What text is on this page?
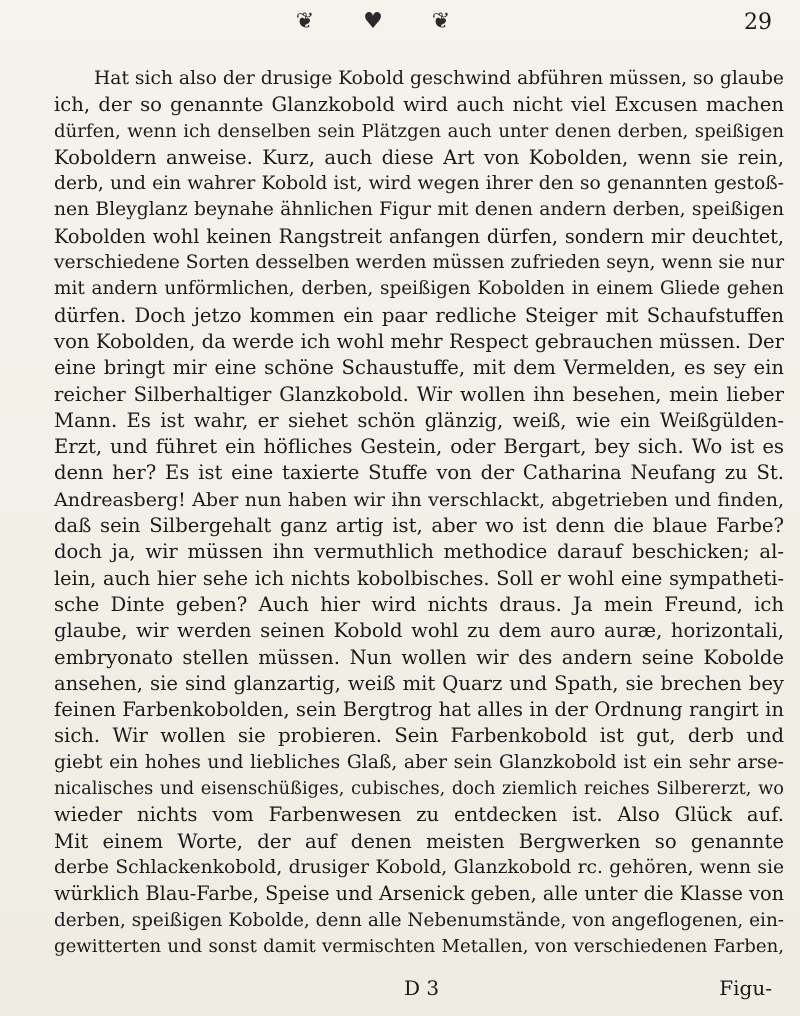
❦	♥	❦	29
Hat sich also der drusige Kobold geschwind abführen müssen, so glaube
ich, der so genannte Glanzkobold wird auch nicht viel Excusen machen
dürfen, wenn ich denselben sein Plätzgen auch unter denen derben, speißigen
Koboldern anweise. Kurz, auch diese Art von Kobolden, wenn sie rein,
derb, und ein wahrer Kobold ist, wird wegen ihrer den so genannten gestoß-
nen Bleyglanz beynahe ähnlichen Figur mit denen andern derben, speißigen
Kobolden wohl keinen Rangstreit anfangen dürfen, sondern mir deuchtet,
verschiedene Sorten desselben werden müssen zufrieden seyn, wenn sie nur
mit andern unförmlichen, derben, speißigen Kobolden in einem Gliede gehen
dürfen. Doch jetzo kommen ein paar redliche Steiger mit Schaufstuffen
von Kobolden, da werde ich wohl mehr Respect gebrauchen müssen. Der
eine bringt mir eine schöne Schaustuffe, mit dem Vermelden, es sey ein
reicher Silberhaltiger Glanzkobold. Wir wollen ihn besehen, mein lieber
Mann. Es ist wahr, er siehet schön glänzig, weiß, wie ein Weißgülden-
Erzt, und führet ein höfliches Gestein, oder Bergart, bey sich. Wo ist es
denn her? Es ist eine taxierte Stuffe von der Catharina Neufang zu St.
Andreasberg! Aber nun haben wir ihn verschlackt, abgetrieben und finden,
daß sein Silbergehalt ganz artig ist, aber wo ist denn die blaue Farbe?
doch ja, wir müssen ihn vermuthlich methodice darauf beschicken; al-
lein, auch hier sehe ich nichts kobolbisches. Soll er wohl eine sympatheti-
sche Dinte geben? Auch hier wird nichts draus. Ja mein Freund, ich
glaube, wir werden seinen Kobold wohl zu dem auro auræ, horizontali,
embryonato stellen müssen. Nun wollen wir des andern seine Kobolde
ansehen, sie sind glanzartig, weiß mit Quarz und Spath, sie brechen bey
feinen Farbenkobolden, sein Bergtrog hat alles in der Ordnung rangirt in
sich. Wir wollen sie probieren. Sein Farbenkobold ist gut, derb und
giebt ein hohes und liebliches Glaß, aber sein Glanzkobold ist ein sehr arse-
nicalisches und eisenschüßiges, cubisches, doch ziemlich reiches Silbererzt, wo
wieder nichts vom Farbenwesen zu entdecken ist. Also Glück auf.
Mit einem Worte, der auf denen meisten Bergwerken so genannte
derbe Schlackenkobold, drusiger Kobold, Glanzkobold rc. gehören, wenn sie
würklich Blau-Farbe, Speise und Arsenick geben, alle unter die Klasse von
derben, speißigen Kobolde, denn alle Nebenumstände, von angeflogenen, ein-
gewitterten und sonst damit vermischten Metallen, von verschiedenen Farben,
D 3	Figu-
